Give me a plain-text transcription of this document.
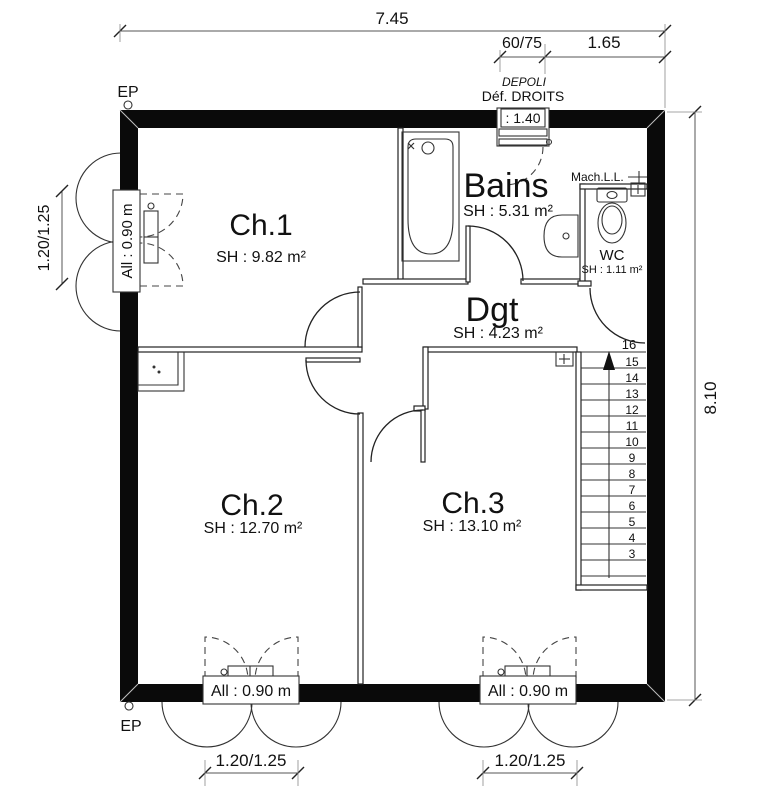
7.45
60/75	1.65
8.10
1.20/1.25
1.20/1.25	1.20/1.25
16
15
14
13
12
11
10
9
8
7
6
5
4
3
: 1.40
All : 0.90 m
All : 0.90 m	All : 0.90 m
Ch.1
SH : 9.82 m²
Bains
SH : 5.31 m²
Dgt
SH : 4.23 m²
Ch.2
SH : 12.70 m²
Ch.3
SH : 13.10 m²
WC
SH : 1.11 m²
Mach.L.L.
DEPOLI
Déf. DROITS
EP
EP
